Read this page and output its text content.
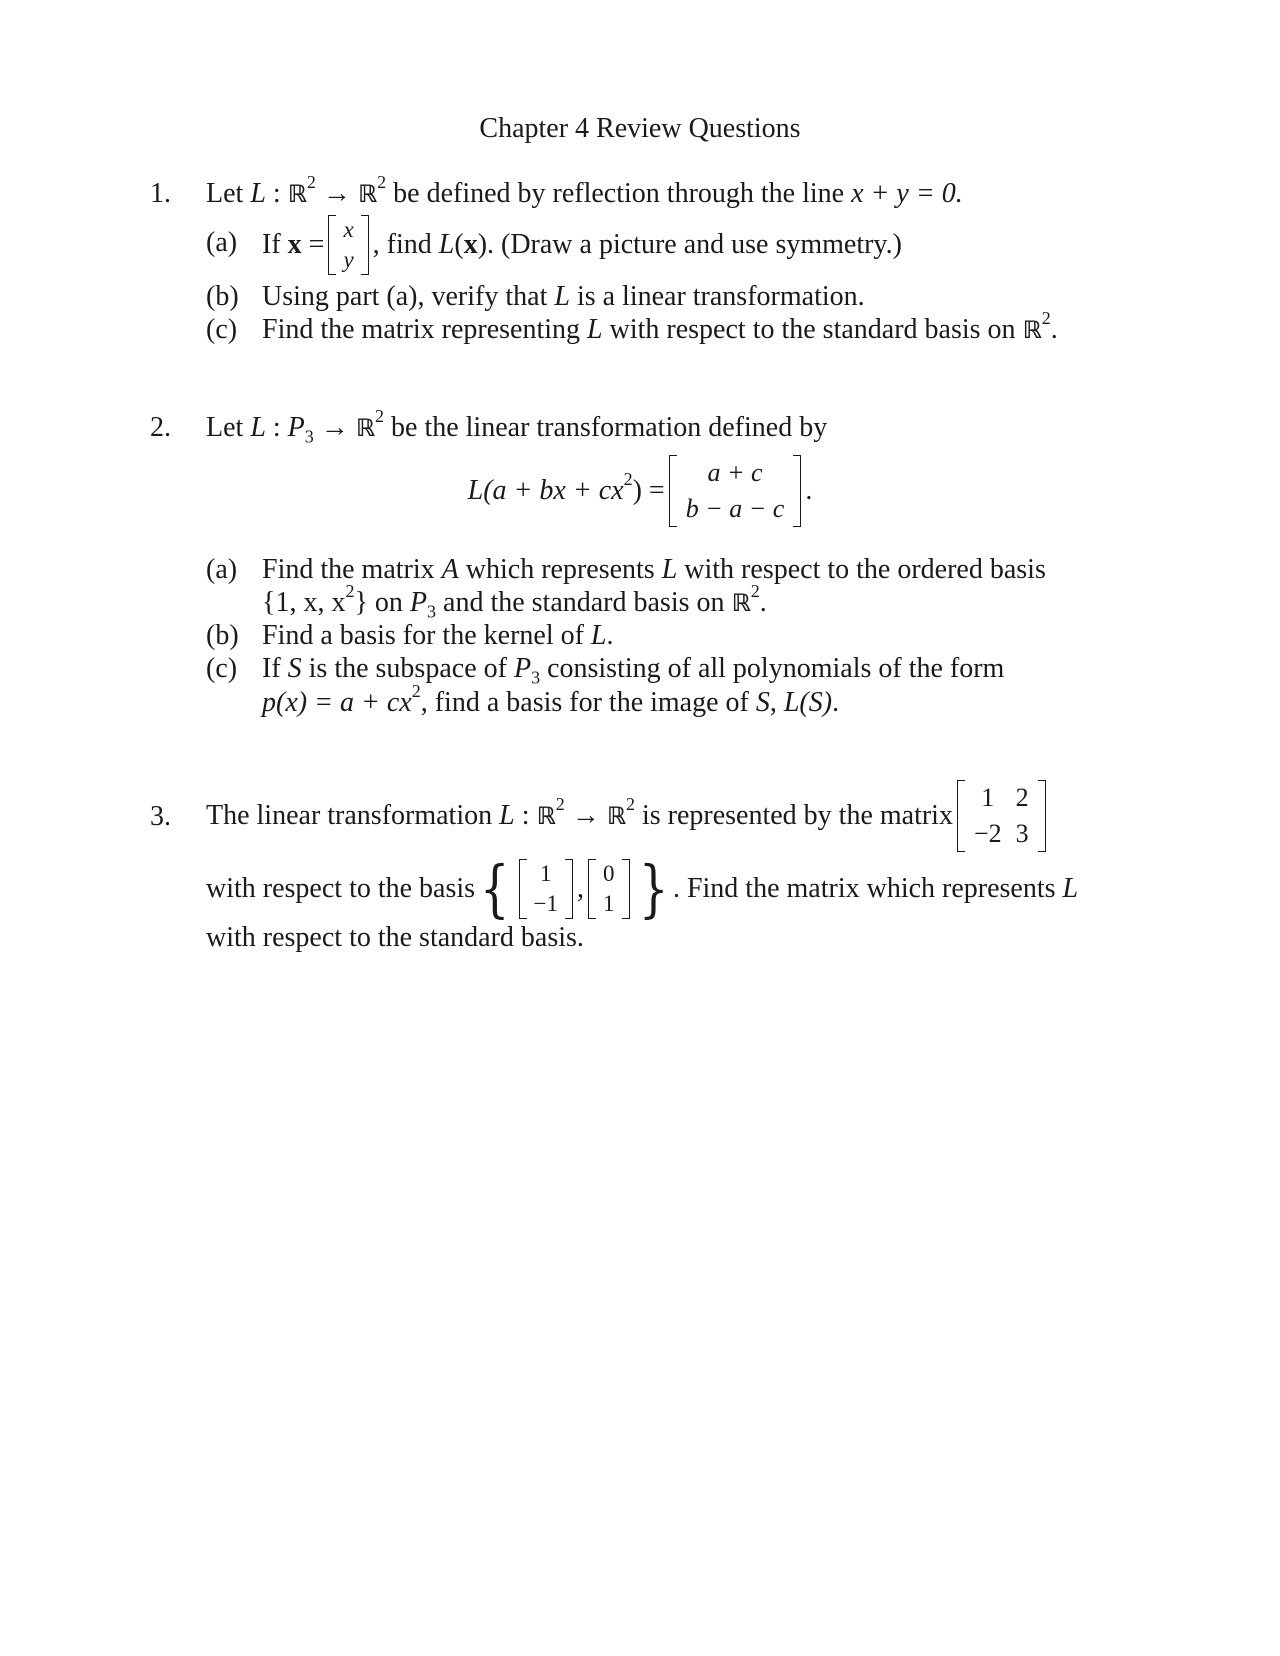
Chapter 4 Review Questions
1.	Let L : ℝ$^2$ → ℝ$^2$ be defined by reflection through the line x + y = 0.
(a) If x = x
y , find L(x). (Draw a picture and use symmetry.)
(b) Using part (a), verify that L is a linear transformation.
(c) Find the matrix representing L with respect to the standard basis on ℝ$^2$.
2.	Let L : $P_3$ → ℝ$^2$ be the linear transformation defined by
L(a + bx + $cx^2$) =
a + c
b − a − c
.
(a) Find the matrix A which represents L with respect to the ordered basis
{1, x, $x^2$} on $P_3$ and the standard basis on ℝ$^2$.
(b) Find a basis for the kernel of L.
(c) If S is the subspace of $P_3$ consisting of all polynomials of the form
$p(x) = a + cx^2$, find a basis for the image of S, L(S).
3.	The linear transformation L : ℝ$^2$ → ℝ$^2$ is represented by the matrix
1	2
−2	3
with respect to the basis{ 1
−1 , 0
1 } . Find the matrix which represents L
with respect to the standard basis.
